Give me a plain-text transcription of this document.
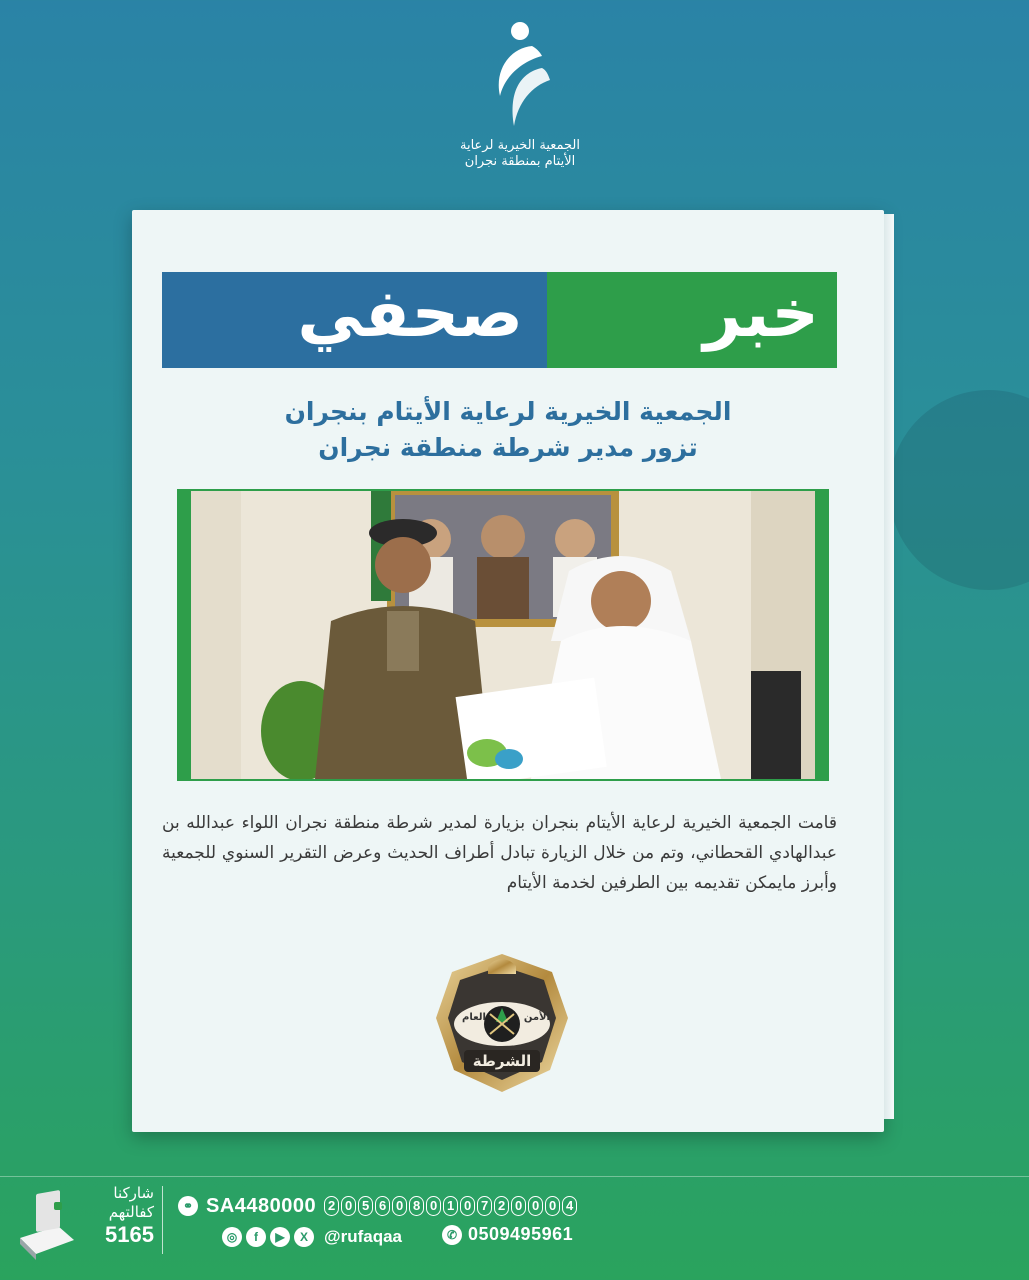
الجمعية الخيرية لرعاية
الأيتام بمنطقة نجران
صحفي	خبر
الجمعية الخيرية لرعاية الأيتام بنجران
تزور مدير شرطة منطقة نجران
قامت الجمعية الخيرية لرعاية الأيتام بنجران بزيارة لمدير شرطة منطقة نجران اللواء عبدالله بن عبدالهادي القحطاني، وتم من خلال الزيارة تبادل أطراف الحديث وعرض التقرير السنوي للجمعية وأبرز مايمكن تقديمه بين الطرفين لخدمة الأيتام
العام	الأمن
الشرطة
شاركنا
كفالتهم
5165
⚭ SA4480000 2 0 5 6 0 8 0 1 0 7 2 0 0 0 4
◎	f	▶	X @rufaqaa	✆ 0509495961
